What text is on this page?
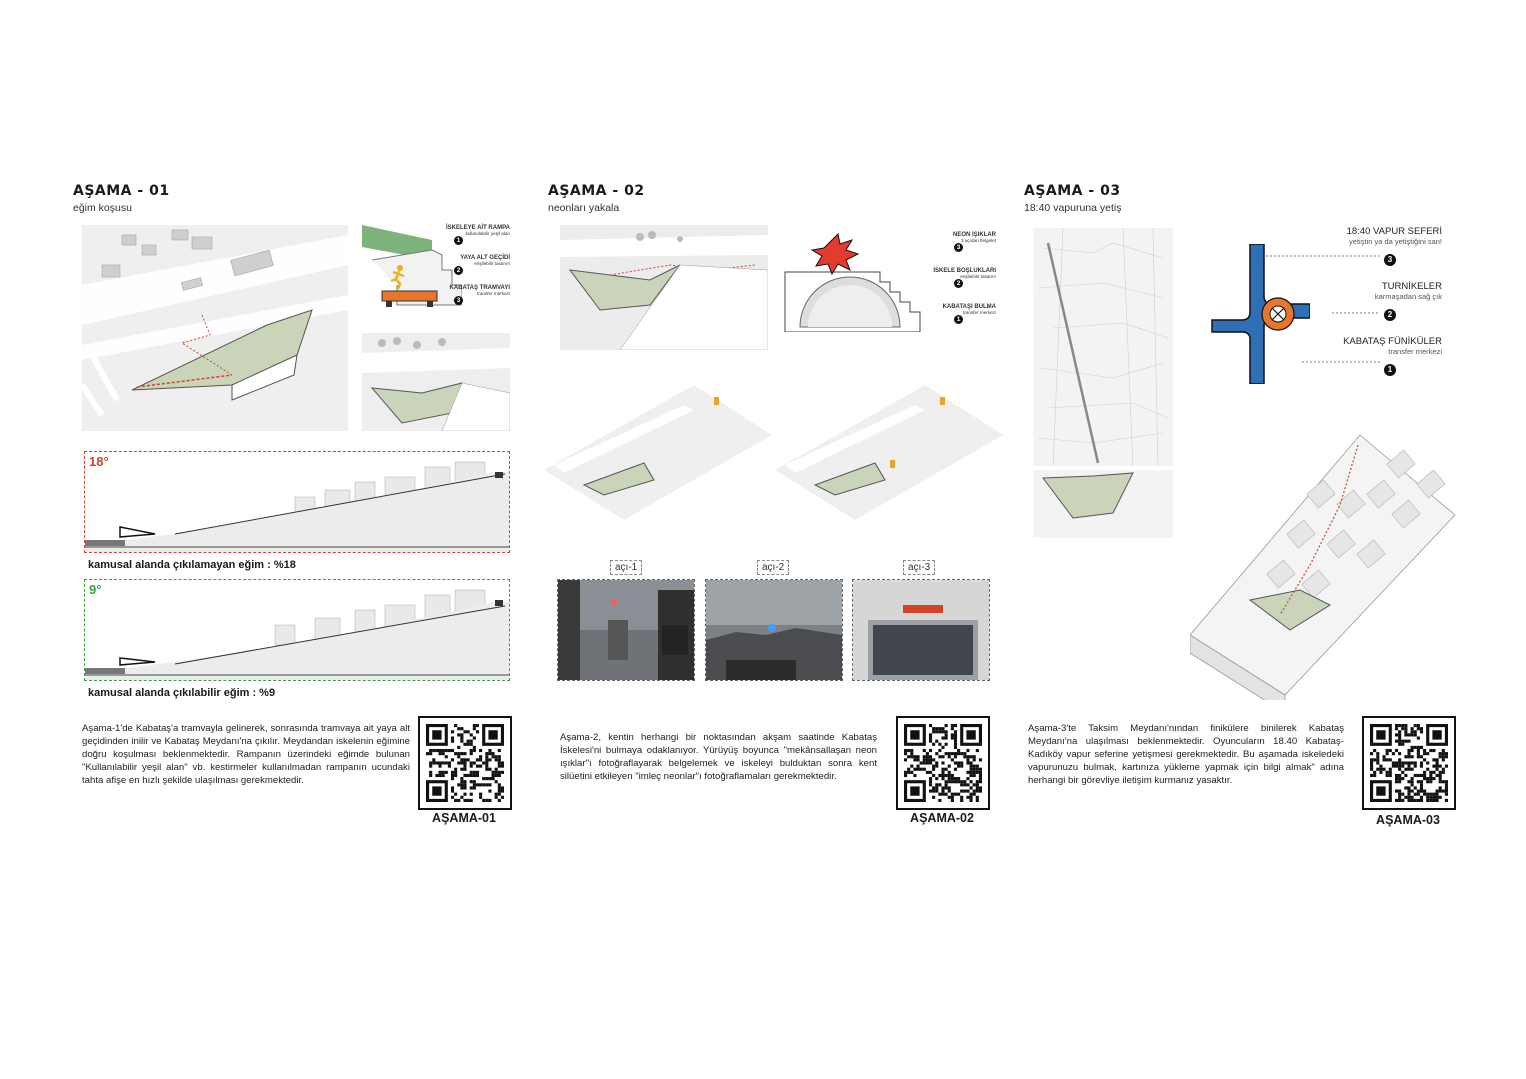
AŞAMA - 01
eğim koşusu
İSKELEYE AİT RAMPA
kullanılabilir yeşil alan
1
YAYA ALT GEÇİDİ
erişilebilir tasarım
2
KABATAŞ TRAMVAYI
transfer merkezi
3
18°
kamusal alanda çıkılamayan eğim : %18
9°
kamusal alanda çıkılabilir eğim : %9
Aşama-1'de Kabataş'a tramvayla gelinerek, sonrasında tramvaya ait yaya alt geçidinden inilir ve Kabataş Meydanı'na çıkılır. Meydandan iskelenin eğimine doğru koşulması beklenmektedir. Rampanın üzerindeki eğimde bulunan "Kullanılabilir yeşil alan" vb. kestirmeler kullanılmadan rampanın ucundaki tahta afişe en hızlı şekilde ulaşılması gerekmektedir.
AŞAMA-01
AŞAMA - 02
neonları yakala
NEON IŞIKLAR
3 açıdan belgelet
3
İSKELE BOŞLUKLARI
erişilebilir tasarım
2
KABATAŞI BULMA
transfer merkezi
1
açı-1	açı-2	açı-3
Aşama-2, kentin herhangi bir noktasından akşam saatinde Kabataş İskelesi'ni bulmaya odaklanıyor. Yürüyüş boyunca "mekânsallaşan neon ışıklar"ı fotoğraflayarak belgelemek ve iskeleyi bulduktan sonra kent silüetini etkileyen "imleç neonlar"ı fotoğraflamaları gerekmektedir.
AŞAMA-02
AŞAMA - 03
18:40 vapuruna yetiş
18:40 VAPUR SEFERİ
yetiştin ya da yetiştiğini san!
3
TURNİKELER
karmaşadan sağ çık
2
KABATAŞ FÜNİKÜLER
transfer merkezi
1
Aşama-3'te Taksim Meydanı'nından finikülere binilerek Kabataş Meydanı'na ulaşılması beklenmektedir. Oyuncuların 18.40 Kabataş-Kadıköy vapur seferine yetişmesi gerekmektedir. Bu aşamada iskeledeki vapurunuzu bulmak, kartınıza yükleme yapmak için bilgi almak" adına herhangi bir görevliye iletişim kurmanız yasaktır.
AŞAMA-03
